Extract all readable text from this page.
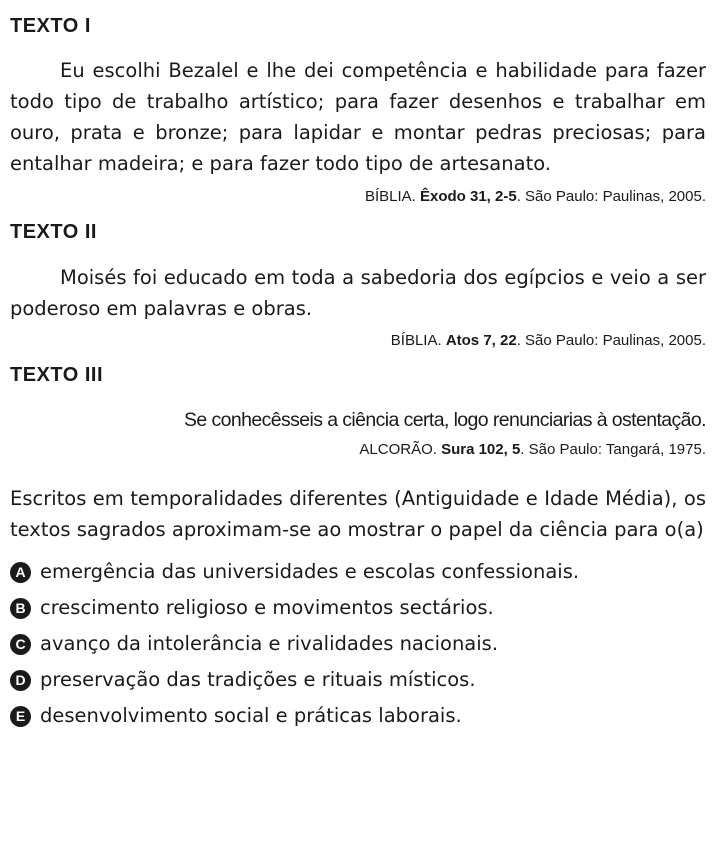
TEXTO I

Eu escolhi Bezalel e lhe dei competência e habilidade para fazer todo tipo de trabalho artístico; para fazer desenhos e trabalhar em ouro, prata e bronze; para lapidar e montar pedras preciosas; para entalhar madeira; e para fazer todo tipo de artesanato.

BÍBLIA. Êxodo 31, 2-5. São Paulo: Paulinas, 2005.

TEXTO II

Moisés foi educado em toda a sabedoria dos egípcios e veio a ser poderoso em palavras e obras.

BÍBLIA. Atos 7, 22. São Paulo: Paulinas, 2005.

TEXTO III

Se conhecêsseis a ciência certa, logo renunciarias à ostentação.

ALCORÃO. Sura 102, 5. São Paulo: Tangará, 1975.

Escritos em temporalidades diferentes (Antiguidade e Idade Média), os textos sagrados aproximam-se ao mostrar o papel da ciência para o(a)

A emergência das universidades e escolas confessionais.
B crescimento religioso e movimentos sectários.
C avanço da intolerância e rivalidades nacionais.
D preservação das tradições e rituais místicos.
E desenvolvimento social e práticas laborais.
